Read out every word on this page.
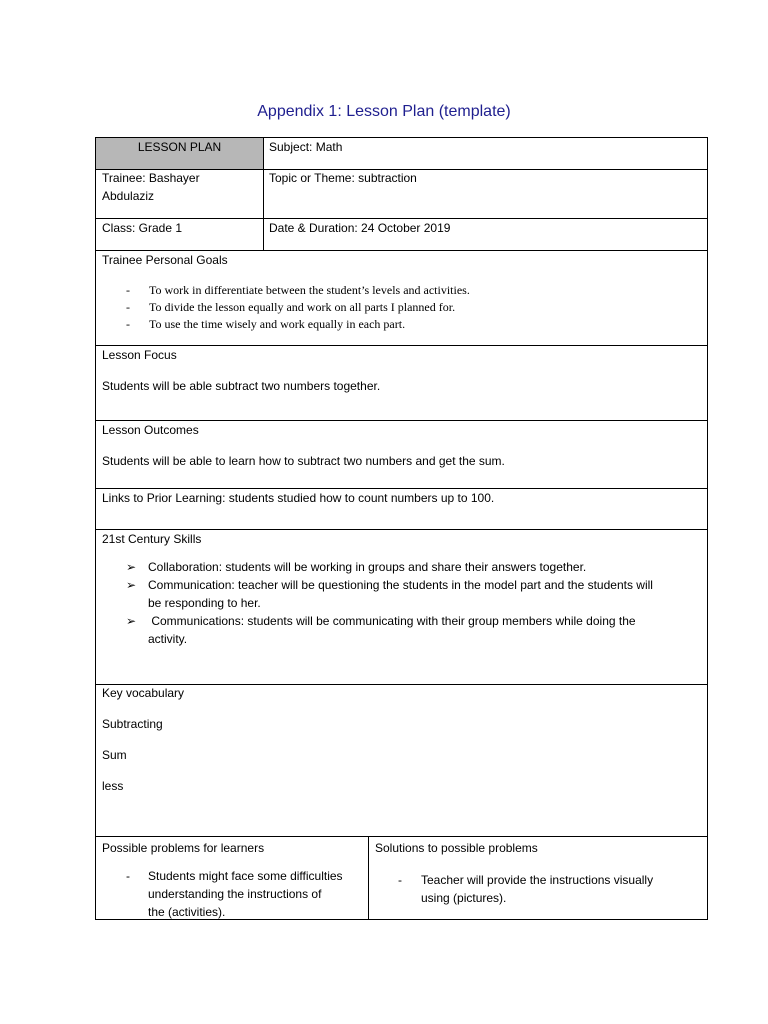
Appendix 1: Lesson Plan (template)
LESSON PLAN	Subject: Math
Trainee: Bashayer
Abdulaziz
Topic or Theme: subtraction
Class: Grade 1	Date & Duration: 24 October 2019
Trainee Personal Goals
- To work in differentiate between the student’s levels and activities.
- To divide the lesson equally and work on all parts I planned for.
- To use the time wisely and work equally in each part.
Lesson Focus
Students will be able subtract two numbers together.
Lesson Outcomes
Students will be able to learn how to subtract two numbers and get the sum.
Links to Prior Learning: students studied how to count numbers up to 100.
21st Century Skills
➢ Collaboration: students will be working in groups and share their answers together.
➢ Communication: teacher will be questioning the students in the model part and the students will
be responding to her.
➢ Communications: students will be communicating with their group members while doing the
activity.
Key vocabulary
Subtracting
Sum
less
Possible problems for learners
- Students might face some difficulties
understanding the instructions of
the (activities).
Solutions to possible problems
- Teacher will provide the instructions visually
using (pictures).
